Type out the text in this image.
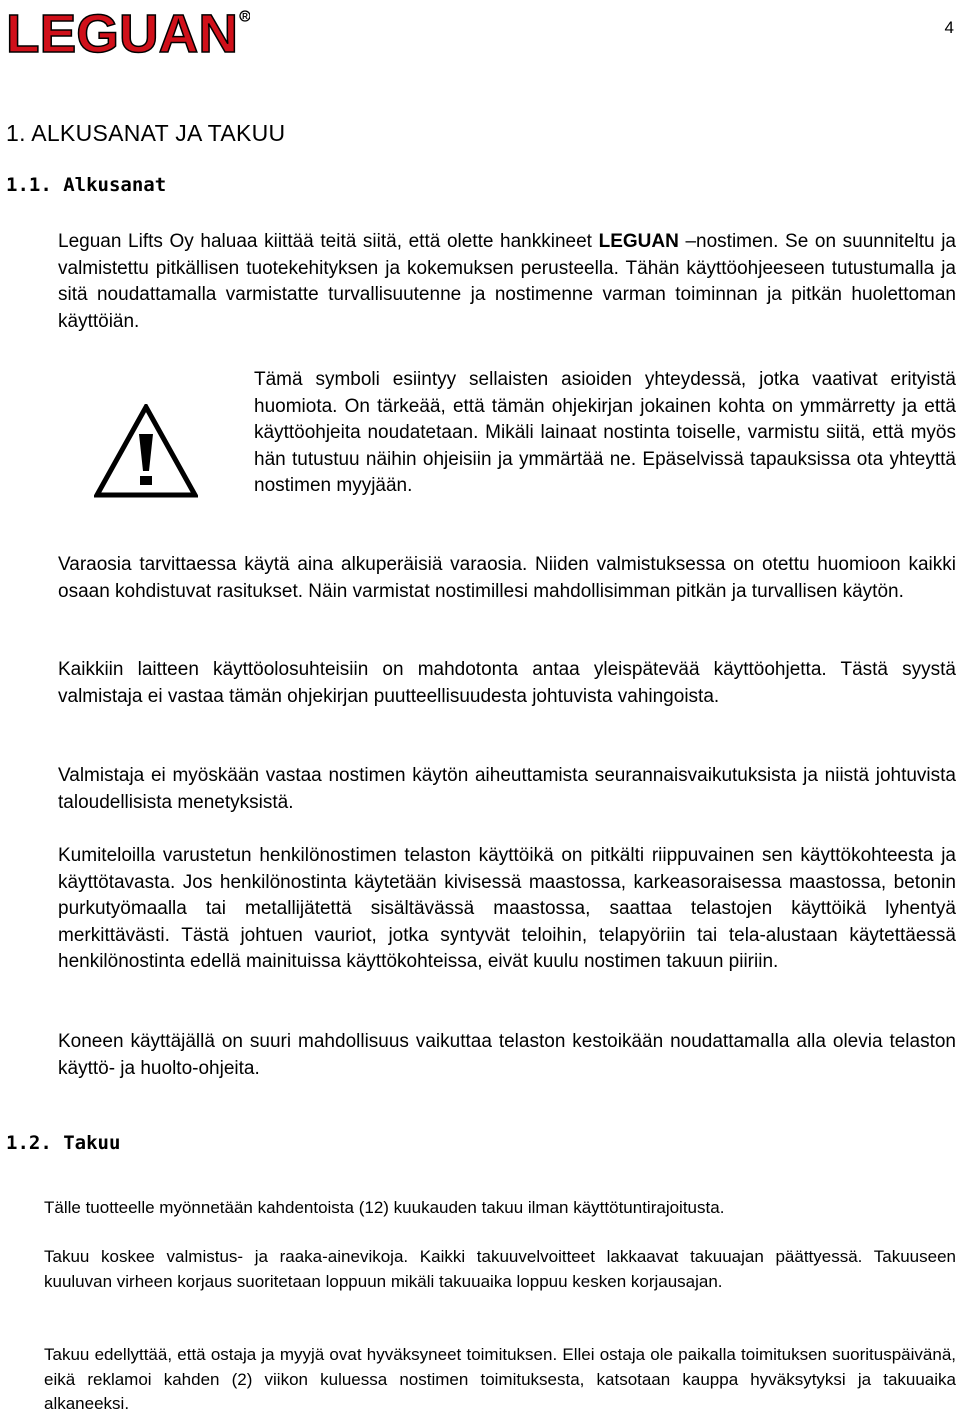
LEGUAN R
4
1. ALKUSANAT JA TAKUU
1.1. Alkusanat

Leguan Lifts Oy haluaa kiittää teitä siitä, että olette hankkineet LEGUAN –nostimen. Se on suunniteltu ja valmistettu pitkällisen tuotekehityksen ja kokemuksen perusteella. Tähän käyttöohjeeseen tutustumalla ja sitä noudattamalla varmistatte turvallisuutenne ja nostimenne varman toiminnan ja pitkän huolettoman käyttöiän.

Tämä symboli esiintyy sellaisten asioiden yhteydessä, jotka vaativat erityistä huomiota. On tärkeää, että tämän ohjekirjan jokainen kohta on ymmärretty ja että käyttöohjeita noudatetaan. Mikäli lainaat nostinta toiselle, varmistu siitä, että myös hän tutustuu näihin ohjeisiin ja ymmärtää ne. Epäselvissä tapauksissa ota yhteyttä nostimen myyjään.

Varaosia tarvittaessa käytä aina alkuperäisiä varaosia. Niiden valmistuksessa on otettu huomioon kaikki osaan kohdistuvat rasitukset. Näin varmistat nostimillesi mahdollisimman pitkän ja turvallisen käytön.

Kaikkiin laitteen käyttöolosuhteisiin on mahdotonta antaa yleispätevää käyttöohjetta. Tästä syystä valmistaja ei vastaa tämän ohjekirjan puutteellisuudesta johtuvista vahingoista.

Valmistaja ei myöskään vastaa nostimen käytön aiheuttamista seurannaisvaikutuksista ja niistä johtuvista taloudellisista menetyksistä.

Kumiteloilla varustetun henkilönostimen telaston käyttöikä on pitkälti riippuvainen sen käyttökohteesta ja käyttötavasta. Jos henkilönostinta käytetään kivisessä maastossa, karkeasoraisessa maastossa, betonin purkutyömaalla tai metallijätettä sisältävässä maastossa, saattaa telastojen käyttöikä lyhentyä merkittävästi. Tästä johtuen vauriot, jotka syntyvät teloihin, telapyöriin tai tela-alustaan käytettäessä henkilönostinta edellä mainituissa käyttökohteissa, eivät kuulu nostimen takuun piiriin.

Koneen käyttäjällä on suuri mahdollisuus vaikuttaa telaston kestoikään noudattamalla alla olevia telaston käyttö- ja huolto-ohjeita.

1.2. Takuu

Tälle tuotteelle myönnetään kahdentoista (12) kuukauden takuu ilman käyttötuntirajoitusta.

Takuu koskee valmistus- ja raaka-ainevikoja. Kaikki takuuvelvoitteet lakkaavat takuuajan päättyessä. Takuuseen kuuluvan virheen korjaus suoritetaan loppuun mikäli takuuaika loppuu kesken korjausajan.

Takuu edellyttää, että ostaja ja myyjä ovat hyväksyneet toimituksen. Ellei ostaja ole paikalla toimituksen suorituspäivänä, eikä reklamoi kahden (2) viikon kuluessa nostimen toimituksesta, katsotaan kauppa hyväksytyksi ja takuuaika alkaneeksi.
